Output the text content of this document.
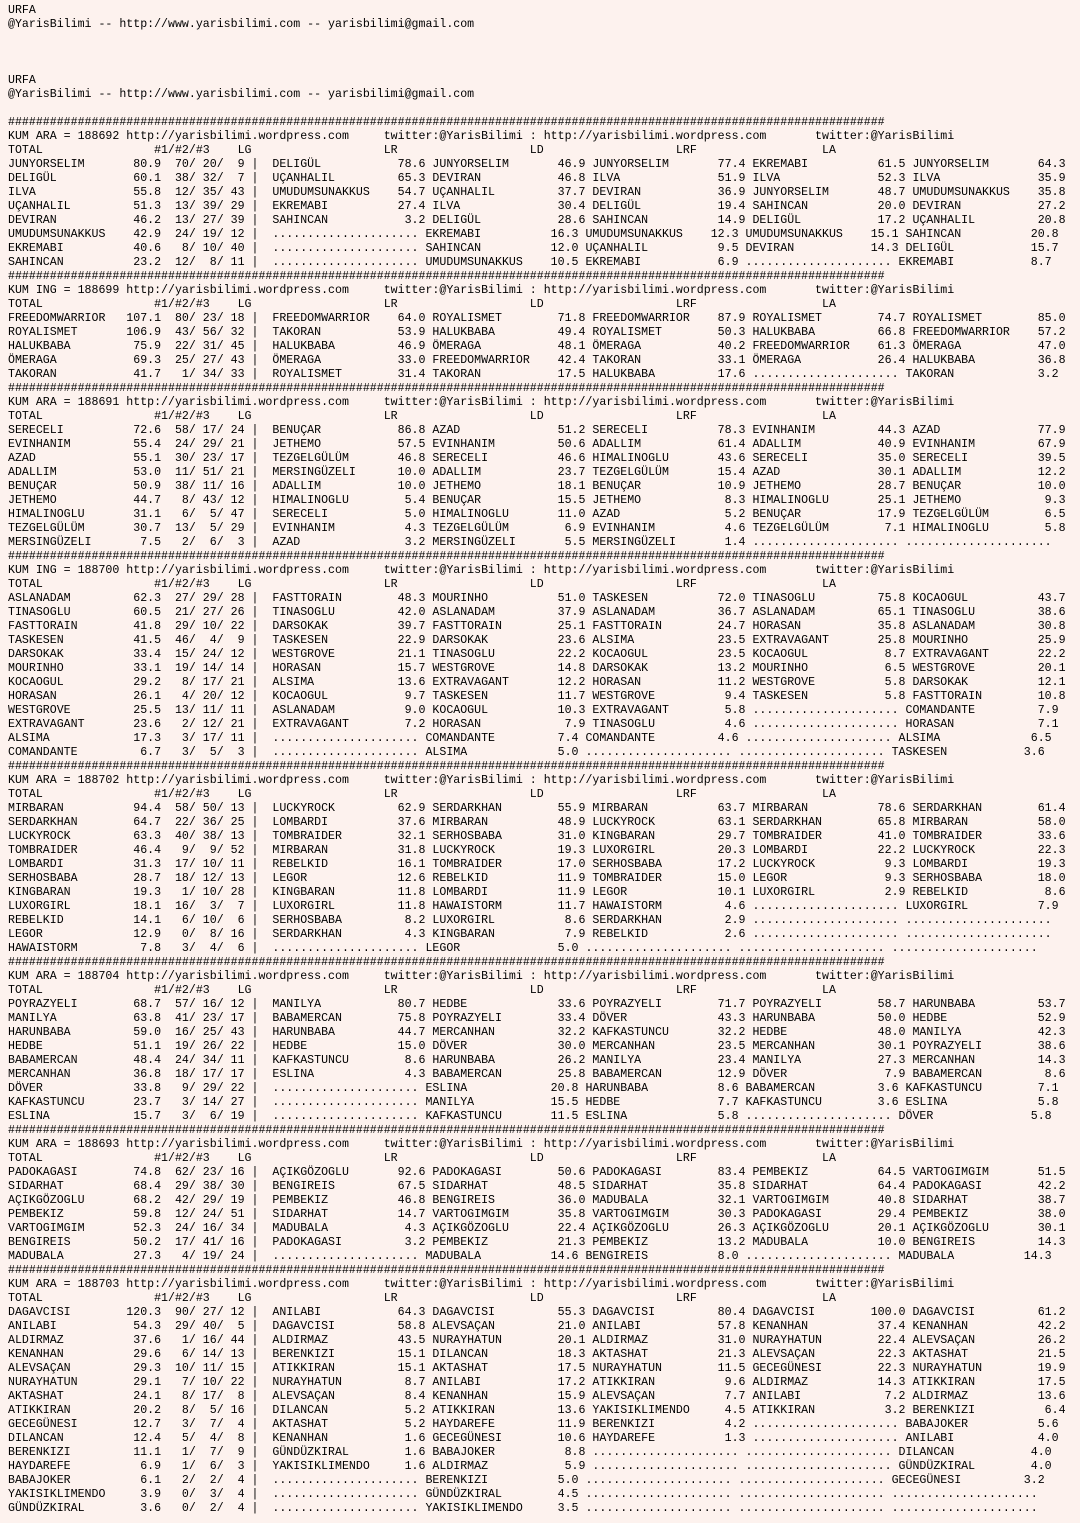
URFA
@YarisBilimi -- http://www.yarisbilimi.com -- yarisbilimi@gmail.com

URFA
@YarisBilimi -- http://www.yarisbilimi.com -- yarisbilimi@gmail.com

##############################################################################################################################
KUM ARA = 188692 http://yarisbilimi.wordpress.com     twitter:@YarisBilimi : http://yarisbilimi.wordpress.com       twitter:@YarisBilimi
TOTAL                #1/#2/#3    LG                   LR                   LD                   LRF                  LA
JUNYORSELIM       80.9  70/ 20/  9 |  DELIGÜL           78.6 JUNYORSELIM       46.9 JUNYORSELIM       77.4 EKREMABI          61.5 JUNYORSELIM       64.3
DELIGÜL           60.1  38/ 32/  7 |  UÇANHALIL         65.3 DEVIRAN           46.8 ILVA              51.9 ILVA              52.3 ILVA              35.9
ILVA              55.8  12/ 35/ 43 |  UMUDUMSUNAKKUS    54.7 UÇANHALIL         37.7 DEVIRAN           36.9 JUNYORSELIM       48.7 UMUDUMSUNAKKUS    35.8
UÇANHALIL         51.3  13/ 39/ 29 |  EKREMABI          27.4 ILVA              30.4 DELIGÜL           19.4 SAHINCAN          20.0 DEVIRAN           27.2
DEVIRAN           46.2  13/ 27/ 39 |  SAHINCAN           3.2 DELIGÜL           28.6 SAHINCAN          14.9 DELIGÜL           17.2 UÇANHALIL         20.8
UMUDUMSUNAKKUS    42.9  24/ 19/ 12 |  ..................... EKREMABI          16.3 UMUDUMSUNAKKUS    12.3 UMUDUMSUNAKKUS    15.1 SAHINCAN          20.8
EKREMABI          40.6   8/ 10/ 40 |  ..................... SAHINCAN          12.0 UÇANHALIL          9.5 DEVIRAN           14.3 DELIGÜL           15.7
SAHINCAN          23.2  12/  8/ 11 |  ..................... UMUDUMSUNAKKUS    10.5 EKREMABI           6.9 ..................... EKREMABI           8.7
##############################################################################################################################
KUM ING = 188699 http://yarisbilimi.wordpress.com     twitter:@YarisBilimi : http://yarisbilimi.wordpress.com       twitter:@YarisBilimi
TOTAL                #1/#2/#3    LG                   LR                   LD                   LRF                  LA
FREEDOMWARRIOR   107.1  80/ 23/ 18 |  FREEDOMWARRIOR    64.0 ROYALISMET        71.8 FREEDOMWARRIOR    87.9 ROYALISMET        74.7 ROYALISMET        85.0
ROYALISMET       106.9  43/ 56/ 32 |  TAKORAN           53.9 HALUKBABA         49.4 ROYALISMET        50.3 HALUKBABA         66.8 FREEDOMWARRIOR    57.2
HALUKBABA         75.9  22/ 31/ 45 |  HALUKBABA         46.9 ÖMERAGA           48.1 ÖMERAGA           40.2 FREEDOMWARRIOR    61.3 ÖMERAGA           47.0
ÖMERAGA           69.3  25/ 27/ 43 |  ÖMERAGA           33.0 FREEDOMWARRIOR    42.4 TAKORAN           33.1 ÖMERAGA           26.4 HALUKBABA         36.8
TAKORAN           41.7   1/ 34/ 33 |  ROYALISMET        31.4 TAKORAN           17.5 HALUKBABA         17.6 ..................... TAKORAN            3.2
##############################################################################################################################
KUM ARA = 188691 http://yarisbilimi.wordpress.com     twitter:@YarisBilimi : http://yarisbilimi.wordpress.com       twitter:@YarisBilimi
TOTAL                #1/#2/#3    LG                   LR                   LD                   LRF                  LA
SERECELI          72.6  58/ 17/ 24 |  BENUÇAR           86.8 AZAD              51.2 SERECELI          78.3 EVINHANIM         44.3 AZAD              77.9
EVINHANIM         55.4  24/ 29/ 21 |  JETHEMO           57.5 EVINHANIM         50.6 ADALLIM           61.4 ADALLIM           40.9 EVINHANIM         67.9
AZAD              55.1  30/ 23/ 17 |  TEZGELGÜLÜM       46.8 SERECELI          46.6 HIMALINOGLU       43.6 SERECELI          35.0 SERECELI          39.5
ADALLIM           53.0  11/ 51/ 21 |  MERSINGÜZELI      10.0 ADALLIM           23.7 TEZGELGÜLÜM       15.4 AZAD              30.1 ADALLIM           12.2
BENUÇAR           50.9  38/ 11/ 16 |  ADALLIM           10.0 JETHEMO           18.1 BENUÇAR           10.9 JETHEMO           28.7 BENUÇAR           10.0
JETHEMO           44.7   8/ 43/ 12 |  HIMALINOGLU        5.4 BENUÇAR           15.5 JETHEMO            8.3 HIMALINOGLU       25.1 JETHEMO            9.3
HIMALINOGLU       31.1   6/  5/ 47 |  SERECELI           5.0 HIMALINOGLU       11.0 AZAD               5.2 BENUÇAR           17.9 TEZGELGÜLÜM        6.5
TEZGELGÜLÜM       30.7  13/  5/ 29 |  EVINHANIM          4.3 TEZGELGÜLÜM        6.9 EVINHANIM          4.6 TEZGELGÜLÜM        7.1 HIMALINOGLU        5.8
MERSINGÜZELI       7.5   2/  6/  3 |  AZAD               3.2 MERSINGÜZELI       5.5 MERSINGÜZELI       1.4 ..................... .....................
##############################################################################################################################
KUM ING = 188700 http://yarisbilimi.wordpress.com     twitter:@YarisBilimi : http://yarisbilimi.wordpress.com       twitter:@YarisBilimi
TOTAL                #1/#2/#3    LG                   LR                   LD                   LRF                  LA
ASLANADAM         62.3  27/ 29/ 28 |  FASTTORAIN        48.3 MOURINHO          51.0 TASKESEN          72.0 TINASOGLU         75.8 KOCAOGUL          43.7
TINASOGLU         60.5  21/ 27/ 26 |  TINASOGLU         42.0 ASLANADAM         37.9 ASLANADAM         36.7 ASLANADAM         65.1 TINASOGLU         38.6
FASTTORAIN        41.8  29/ 10/ 22 |  DARSOKAK          39.7 FASTTORAIN        25.1 FASTTORAIN        24.7 HORASAN           35.8 ASLANADAM         30.8
TASKESEN          41.5  46/  4/  9 |  TASKESEN          22.9 DARSOKAK          23.6 ALSIMA            23.5 EXTRAVAGANT       25.8 MOURINHO          25.9
DARSOKAK          33.4  15/ 24/ 12 |  WESTGROVE         21.1 TINASOGLU         22.2 KOCAOGUL          23.5 KOCAOGUL           8.7 EXTRAVAGANT       22.2
MOURINHO          33.1  19/ 14/ 14 |  HORASAN           15.7 WESTGROVE         14.8 DARSOKAK          13.2 MOURINHO           6.5 WESTGROVE         20.1
KOCAOGUL          29.2   8/ 17/ 21 |  ALSIMA            13.6 EXTRAVAGANT       12.2 HORASAN           11.2 WESTGROVE          5.8 DARSOKAK          12.1
HORASAN           26.1   4/ 20/ 12 |  KOCAOGUL           9.7 TASKESEN          11.7 WESTGROVE          9.4 TASKESEN           5.8 FASTTORAIN        10.8
WESTGROVE         25.5  13/ 11/ 11 |  ASLANADAM          9.0 KOCAOGUL          10.3 EXTRAVAGANT        5.8 ..................... COMANDANTE         7.9
EXTRAVAGANT       23.6   2/ 12/ 21 |  EXTRAVAGANT        7.2 HORASAN            7.9 TINASOGLU          4.6 ..................... HORASAN            7.1
ALSIMA            17.3   3/ 17/ 11 |  ..................... COMANDANTE         7.4 COMANDANTE         4.6 ..................... ALSIMA             6.5
COMANDANTE         6.7   3/  5/  3 |  ..................... ALSIMA             5.0 ..................... ..................... TASKESEN           3.6
##############################################################################################################################
KUM ARA = 188702 http://yarisbilimi.wordpress.com     twitter:@YarisBilimi : http://yarisbilimi.wordpress.com       twitter:@YarisBilimi
TOTAL                #1/#2/#3    LG                   LR                   LD                   LRF                  LA
MIRBARAN          94.4  58/ 50/ 13 |  LUCKYROCK         62.9 SERDARKHAN        55.9 MIRBARAN          63.7 MIRBARAN          78.6 SERDARKHAN        61.4
SERDARKHAN        64.7  22/ 36/ 25 |  LOMBARDI          37.6 MIRBARAN          48.9 LUCKYROCK         63.1 SERDARKHAN        65.8 MIRBARAN          58.0
LUCKYROCK         63.3  40/ 38/ 13 |  TOMBRAIDER        32.1 SERHOSBABA        31.0 KINGBARAN         29.7 TOMBRAIDER        41.0 TOMBRAIDER        33.6
TOMBRAIDER        46.4   9/  9/ 52 |  MIRBARAN          31.8 LUCKYROCK         19.3 LUXORGIRL         20.3 LOMBARDI          22.2 LUCKYROCK         22.3
LOMBARDI          31.3  17/ 10/ 11 |  REBELKID          16.1 TOMBRAIDER        17.0 SERHOSBABA        17.2 LUCKYROCK          9.3 LOMBARDI          19.3
SERHOSBABA        28.7  18/ 12/ 13 |  LEGOR             12.6 REBELKID          11.9 TOMBRAIDER        15.0 LEGOR              9.3 SERHOSBABA        18.0
KINGBARAN         19.3   1/ 10/ 28 |  KINGBARAN         11.8 LOMBARDI          11.9 LEGOR             10.1 LUXORGIRL          2.9 REBELKID           8.6
LUXORGIRL         18.1  16/  3/  7 |  LUXORGIRL         11.8 HAWAISTORM        11.7 HAWAISTORM         4.6 ..................... LUXORGIRL          7.9
REBELKID          14.1   6/ 10/  6 |  SERHOSBABA         8.2 LUXORGIRL          8.6 SERDARKHAN         2.9 ..................... .....................
LEGOR             12.9   0/  8/ 16 |  SERDARKHAN         4.3 KINGBARAN          7.9 REBELKID           2.6 ..................... .....................
HAWAISTORM         7.8   3/  4/  6 |  ..................... LEGOR              5.0 ..................... ..................... .....................
##############################################################################################################################
KUM ARA = 188704 http://yarisbilimi.wordpress.com     twitter:@YarisBilimi : http://yarisbilimi.wordpress.com       twitter:@YarisBilimi
TOTAL                #1/#2/#3    LG                   LR                   LD                   LRF                  LA
POYRAZYELI        68.7  57/ 16/ 12 |  MANILYA           80.7 HEDBE             33.6 POYRAZYELI        71.7 POYRAZYELI        58.7 HARUNBABA         53.7
MANILYA           63.8  41/ 23/ 17 |  BABAMERCAN        75.8 POYRAZYELI        33.4 DÖVER             43.3 HARUNBABA         50.0 HEDBE             52.9
HARUNBABA         59.0  16/ 25/ 43 |  HARUNBABA         44.7 MERCANHAN         32.2 KAFKASTUNCU       32.2 HEDBE             48.0 MANILYA           42.3
HEDBE             51.1  19/ 26/ 22 |  HEDBE             15.0 DÖVER             30.0 MERCANHAN         23.5 MERCANHAN         30.1 POYRAZYELI        38.6
BABAMERCAN        48.4  24/ 34/ 11 |  KAFKASTUNCU        8.6 HARUNBABA         26.2 MANILYA           23.4 MANILYA           27.3 MERCANHAN         14.3
MERCANHAN         36.8  18/ 17/ 17 |  ESLINA             4.3 BABAMERCAN        25.8 BABAMERCAN        12.9 DÖVER              7.9 BABAMERCAN         8.6
DÖVER             33.8   9/ 29/ 22 |  ..................... ESLINA            20.8 HARUNBABA          8.6 BABAMERCAN         3.6 KAFKASTUNCU        7.1
KAFKASTUNCU       23.7   3/ 14/ 27 |  ..................... MANILYA           15.5 HEDBE              7.7 KAFKASTUNCU        3.6 ESLINA             5.8
ESLINA            15.7   3/  6/ 19 |  ..................... KAFKASTUNCU       11.5 ESLINA             5.8 ..................... DÖVER              5.8
##############################################################################################################################
KUM ARA = 188693 http://yarisbilimi.wordpress.com     twitter:@YarisBilimi : http://yarisbilimi.wordpress.com       twitter:@YarisBilimi
TOTAL                #1/#2/#3    LG                   LR                   LD                   LRF                  LA
PADOKAGASI        74.8  62/ 23/ 16 |  AÇIKGÖZOGLU       92.6 PADOKAGASI        50.6 PADOKAGASI        83.4 PEMBEKIZ          64.5 VARTOGIMGIM       51.5
SIDARHAT          68.4  29/ 38/ 30 |  BENGIREIS         67.5 SIDARHAT          48.5 SIDARHAT          35.8 SIDARHAT          64.4 PADOKAGASI        42.2
AÇIKGÖZOGLU       68.2  42/ 29/ 19 |  PEMBEKIZ          46.8 BENGIREIS         36.0 MADUBALA          32.1 VARTOGIMGIM       40.8 SIDARHAT          38.7
PEMBEKIZ          59.8  12/ 24/ 51 |  SIDARHAT          14.7 VARTOGIMGIM       35.8 VARTOGIMGIM       30.3 PADOKAGASI        29.4 PEMBEKIZ          38.0
VARTOGIMGIM       52.3  24/ 16/ 34 |  MADUBALA           4.3 AÇIKGÖZOGLU       22.4 AÇIKGÖZOGLU       26.3 AÇIKGÖZOGLU       20.1 AÇIKGÖZOGLU       30.1
BENGIREIS         50.2  17/ 41/ 16 |  PADOKAGASI         3.2 PEMBEKIZ          21.3 PEMBEKIZ          13.2 MADUBALA          10.0 BENGIREIS         14.3
MADUBALA          27.3   4/ 19/ 24 |  ..................... MADUBALA          14.6 BENGIREIS          8.0 ..................... MADUBALA          14.3
##############################################################################################################################
KUM ARA = 188703 http://yarisbilimi.wordpress.com     twitter:@YarisBilimi : http://yarisbilimi.wordpress.com       twitter:@YarisBilimi
TOTAL                #1/#2/#3    LG                   LR                   LD                   LRF                  LA
DAGAVCISI        120.3  90/ 27/ 12 |  ANILABI           64.3 DAGAVCISI         55.3 DAGAVCISI         80.4 DAGAVCISI        100.0 DAGAVCISI         61.2
ANILABI           54.3  29/ 40/  5 |  DAGAVCISI         58.8 ALEVSAÇAN         21.0 ANILABI           57.8 KENANHAN          37.4 KENANHAN          42.2
ALDIRMAZ          37.6   1/ 16/ 44 |  ALDIRMAZ          43.5 NURAYHATUN        20.1 ALDIRMAZ          31.0 NURAYHATUN        22.4 ALEVSAÇAN         26.2
KENANHAN          29.6   6/ 14/ 13 |  BERENKIZI         15.1 DILANCAN          18.3 AKTASHAT          21.3 ALEVSAÇAN         22.3 AKTASHAT          21.5
ALEVSAÇAN         29.3  10/ 11/ 15 |  ATIKKIRAN         15.1 AKTASHAT          17.5 NURAYHATUN        11.5 GECEGÜNESI        22.3 NURAYHATUN        19.9
NURAYHATUN        29.1   7/ 10/ 22 |  NURAYHATUN         8.7 ANILABI           17.2 ATIKKIRAN          9.6 ALDIRMAZ          14.3 ATIKKIRAN         17.5
AKTASHAT          24.1   8/ 17/  8 |  ALEVSAÇAN          8.4 KENANHAN          15.9 ALEVSAÇAN          7.7 ANILABI            7.2 ALDIRMAZ          13.6
ATIKKIRAN         20.2   8/  5/ 16 |  DILANCAN           5.2 ATIKKIRAN         13.6 YAKISIKLIMENDO     4.5 ATIKKIRAN          3.2 BERENKIZI          6.4
GECEGÜNESI        12.7   3/  7/  4 |  AKTASHAT           5.2 HAYDAREFE         11.9 BERENKIZI          4.2 ..................... BABAJOKER          5.6
DILANCAN          12.4   5/  4/  8 |  KENANHAN           1.6 GECEGÜNESI        10.6 HAYDAREFE          1.3 ..................... ANILABI            4.0
BERENKIZI         11.1   1/  7/  9 |  GÜNDÜZKIRAL        1.6 BABAJOKER          8.8 ..................... ..................... DILANCAN           4.0
HAYDAREFE          6.9   1/  6/  3 |  YAKISIKLIMENDO     1.6 ALDIRMAZ           5.9 ..................... ..................... GÜNDÜZKIRAL        4.0
BABAJOKER          6.1   2/  2/  4 |  ..................... BERENKIZI          5.0 ..................... ..................... GECEGÜNESI         3.2
YAKISIKLIMENDO     3.9   0/  3/  4 |  ..................... GÜNDÜZKIRAL        4.5 ..................... ..................... .....................
GÜNDÜZKIRAL        3.6   0/  2/  4 |  ..................... YAKISIKLIMENDO     3.5 ..................... ..................... .....................
